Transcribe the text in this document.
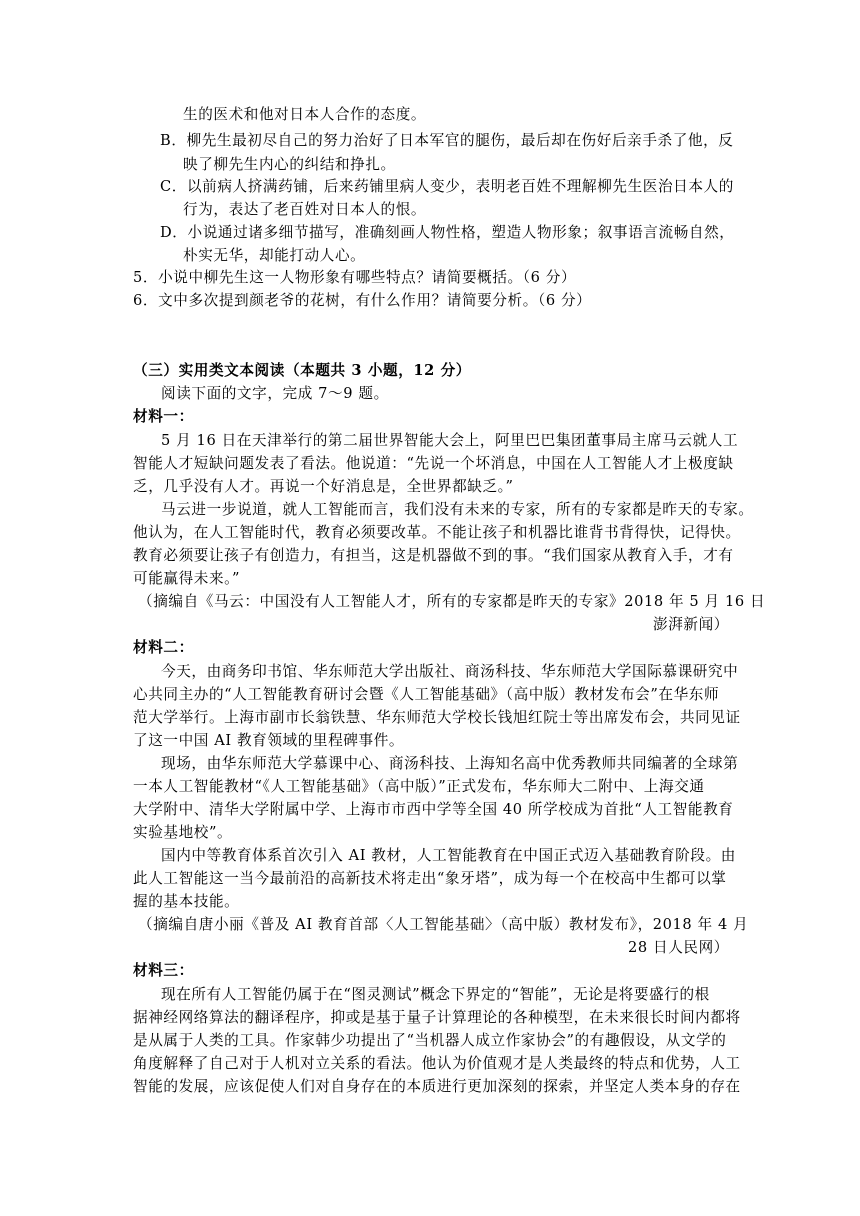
生的医术和他对日本人合作的态度。
B．柳先生最初尽自己的努力治好了日本军官的腿伤，最后却在伤好后亲手杀了他，反
映了柳先生内心的纠结和挣扎。
C．以前病人挤满药铺，后来药铺里病人变少，表明老百姓不理解柳先生医治日本人的
行为，表达了老百姓对日本人的恨。
D．小说通过诸多细节描写，准确刻画人物性格，塑造人物形象；叙事语言流畅自然，
朴实无华，却能打动人心。
5．小说中柳先生这一人物形象有哪些特点？请简要概括。（6 分）
6．文中多次提到颜老爷的花树，有什么作用？请简要分析。（6 分）
（三）实用类文本阅读（本题共 3 小题，12 分）
阅读下面的文字，完成 7～9 题。
材料一：
5 月 16 日在天津举行的第二届世界智能大会上，阿里巴巴集团董事局主席马云就人工
智能人才短缺问题发表了看法。他说道：“先说一个坏消息，中国在人工智能人才上极度缺
乏，几乎没有人才。再说一个好消息是，全世界都缺乏。”
马云进一步说道，就人工智能而言，我们没有未来的专家，所有的专家都是昨天的专家。
他认为，在人工智能时代，教育必须要改革。不能让孩子和机器比谁背书背得快，记得快。
教育必须要让孩子有创造力，有担当，这是机器做不到的事。“我们国家从教育入手，才有
可能赢得未来。”
（摘编自《马云：中国没有人工智能人才，所有的专家都是昨天的专家》2018 年 5 月 16 日
澎湃新闻）
材料二：
今天，由商务印书馆、华东师范大学出版社、商汤科技、华东师范大学国际慕课研究中
心共同主办的“人工智能教育研讨会暨《人工智能基础》（高中版）教材发布会”在华东师
范大学举行。上海市副市长翁铁慧、华东师范大学校长钱旭红院士等出席发布会，共同见证
了这一中国 AI 教育领域的里程碑事件。
现场，由华东师范大学慕课中心、商汤科技、上海知名高中优秀教师共同编著的全球第
一本人工智能教材“《人工智能基础》（高中版）”正式发布，华东师大二附中、上海交通
大学附中、清华大学附属中学、上海市市西中学等全国 40 所学校成为首批“人工智能教育
实验基地校”。
国内中等教育体系首次引入 AI 教材，人工智能教育在中国正式迈入基础教育阶段。由
此人工智能这一当今最前沿的高新技术将走出“象牙塔”，成为每一个在校高中生都可以掌
握的基本技能。
（摘编自唐小丽《普及 AI 教育首部〈人工智能基础〉（高中版）教材发布》，2018 年 4 月
28 日人民网）
材料三：
现在所有人工智能仍属于在“图灵测试”概念下界定的“智能”，无论是将要盛行的根
据神经网络算法的翻译程序，抑或是基于量子计算理论的各种模型，在未来很长时间内都将
是从属于人类的工具。作家韩少功提出了“当机器人成立作家协会”的有趣假设，从文学的
角度解释了自己对于人机对立关系的看法。他认为价值观才是人类最终的特点和优势，人工
智能的发展，应该促使人们对自身存在的本质进行更加深刻的探索，并坚定人类本身的存在
